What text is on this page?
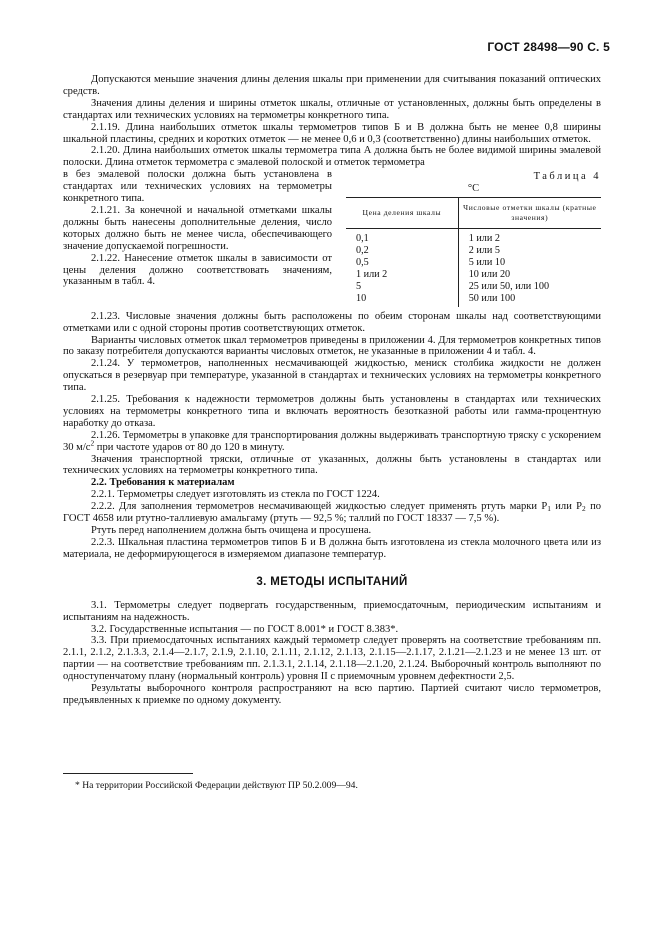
ГОСТ 28498—90 С. 5

Допускаются меньшие значения длины деления шкалы при применении для считывания показаний оптических средств.

Значения длины деления и ширины отметок шкалы, отличные от установленных, должны быть определены в стандартах или технических условиях на термометры конкретного типа.

2.1.19. Длина наибольших отметок шкалы термометров типов Б и В должна быть не менее 0,8 ширины шкальной пластины, средних и коротких отметок — не менее 0,6 и 0,3 (соответственно) длины наибольших отметок.

2.1.20. Длина наибольших отметок шкалы термометра типа А должна быть не более видимой ширины эмалевой полоски. Длина отметок термометра с эмалевой полоской и отметок термометра

Таблица 4
°С
Цена деления шкалы	Числовые отметки шкалы (кратные значения)
0,1	1 или 2
0,2	2 или 5
0,5	5 или 10
1 или 2	10 или 20
5	25 или 50, или 100
10	50 или 100

в без эмалевой полоски должна быть установлена в стандартах или технических условиях на термометры конкретного типа.

2.1.21. За конечной и начальной отметками шкалы должны быть нанесены дополнительные деления, число которых должно быть не менее числа, обеспечивающего значение допускаемой погрешности.

2.1.22. Нанесение отметок шкалы в зависимости от цены деления должно соответствовать значениям, указанным в табл. 4.

2.1.23. Числовые значения должны быть расположены по обеим сторонам шкалы над соответствующими отметками или с одной стороны против соответствующих отметок.

Варианты числовых отметок шкал термометров приведены в приложении 4. Для термометров конкретных типов по заказу потребителя допускаются варианты числовых отметок, не указанные в приложении 4 и табл. 4.

2.1.24. У термометров, наполненных несмачивающей жидкостью, мениск столбика жидкости не должен опускаться в резервуар при температуре, указанной в стандартах и технических условиях на термометры конкретного типа.

2.1.25. Требования к надежности термометров должны быть установлены в стандартах или технических условиях на термометры конкретного типа и включать вероятность безотказной работы или гамма-процентную наработку до отказа.

2.1.26. Термометры в упаковке для транспортирования должны выдерживать транспортную тряску с ускорением 30 $м/с^2$ при частоте ударов от 80 до 120 в минуту.

Значения транспортной тряски, отличные от указанных, должны быть установлены в стандартах или технических условиях на термометры конкретного типа.

2.2. Требования к материалам

2.2.1. Термометры следует изготовлять из стекла по ГОСТ 1224.

2.2.2. Для заполнения термометров несмачивающей жидкостью следует применять ртуть марки $Р_1$ или $Р_2$ по ГОСТ 4658 или ртутно-таллиевую амальгаму (ртуть — 92,5 %; таллий по ГОСТ 18337 — 7,5 %).

Ртуть перед наполнением должна быть очищена и просушена.

2.2.3. Шкальная пластина термометров типов Б и В должна быть изготовлена из стекла молочного цвета или из материала, не деформирующегося в измеряемом диапазоне температур.

3. МЕТОДЫ ИСПЫТАНИЙ

3.1. Термометры следует подвергать государственным, приемосдаточным, периодическим испытаниям и испытаниям на надежность.

3.2. Государственные испытания — по ГОСТ 8.001* и ГОСТ 8.383*.

3.3. При приемосдаточных испытаниях каждый термометр следует проверять на соответствие требованиям пп. 2.1.1, 2.1.2, 2.1.3.3, 2.1.4—2.1.7, 2.1.9, 2.1.10, 2.1.11, 2.1.12, 2.1.13, 2.1.15—2.1.17, 2.1.21—2.1.23 и не менее 13 шт. от партии — на соответствие требованиям пп. 2.1.3.1, 2.1.14, 2.1.18—2.1.20, 2.1.24. Выборочный контроль выполняют по одноступенчатому плану (нормальный контроль) уровня II с приемочным уровнем дефектности 2,5.

Результаты выборочного контроля распространяют на всю партию. Партией считают число термометров, предъявленных к приемке по одному документу.

* На территории Российской Федерации действуют ПР 50.2.009—94.
